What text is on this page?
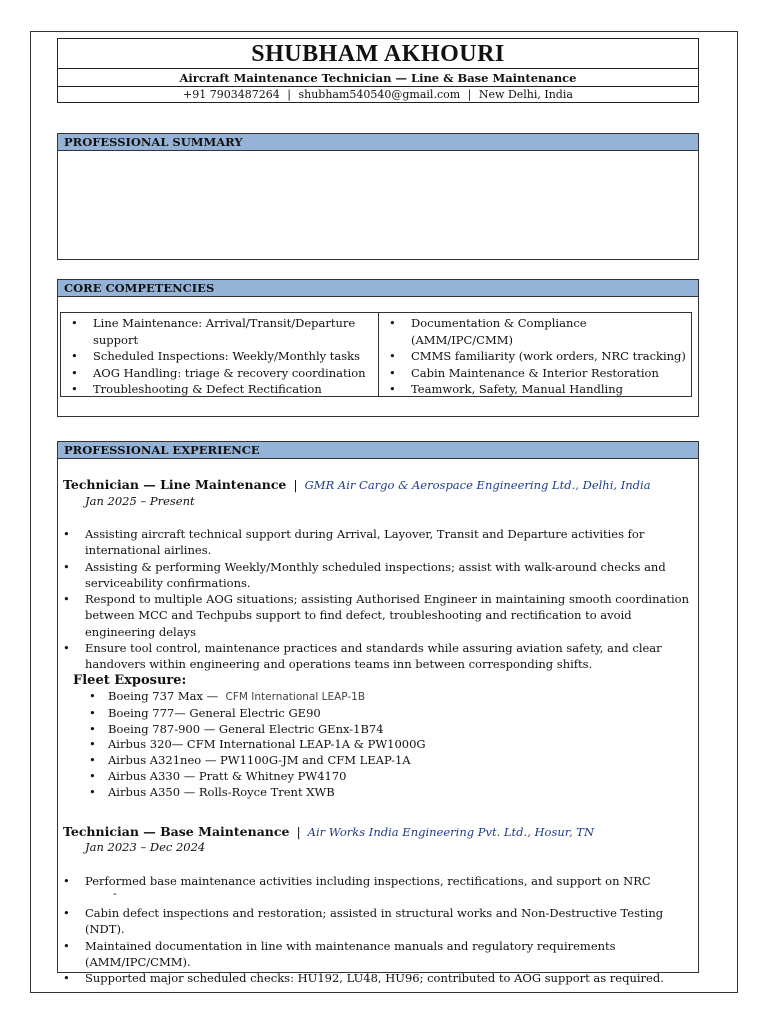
SHUBHAM AKHOURI
Aircraft Maintenance Technician — Line & Base Maintenance
+91 7903487264 | shubham540540@gmail.com | New Delhi, India
PROFESSIONAL SUMMARY
CORE COMPETENCIES
• Line Maintenance: Arrival/Transit/Departure support
• Scheduled Inspections: Weekly/Monthly tasks
• AOG Handling: triage & recovery coordination
• Troubleshooting & Defect Rectification
• Documentation & Compliance (AMM/IPC/CMM)
• CMMS familiarity (work orders, NRC tracking)
• Cabin Maintenance & Interior Restoration
• Teamwork, Safety, Manual Handling
PROFESSIONAL EXPERIENCE
Technician — Line Maintenance | GMR Air Cargo & Aerospace Engineering Ltd., Delhi, India
Jan 2025 – Present
• Assisting aircraft technical support during Arrival, Layover, Transit and Departure activities for international airlines.
• Assisting & performing Weekly/Monthly scheduled inspections; assist with walk-around checks and serviceability confirmations.
• Respond to multiple AOG situations; assisting Authorised Engineer in maintaining smooth coordination between MCC and Techpubs support to find defect, troubleshooting and rectification to avoid engineering delays
• Ensure tool control, maintenance practices and standards while assuring aviation safety, and clear handovers within engineering and operations teams inn between corresponding shifts.
Fleet Exposure:
• Boeing 737 Max — CFM International LEAP-1B
• Boeing 777— General Electric GE90
• Boeing 787-900 — General Electric GEnx-1B74
• Airbus 320— CFM International LEAP-1A & PW1000G
• Airbus A321neo — PW1100G-JM and CFM LEAP-1A
• Airbus A330 — Pratt & Whitney PW4170
• Airbus A350 — Rolls-Royce Trent XWB
Technician — Base Maintenance | Air Works India Engineering Pvt. Ltd., Hosur, TN
Jan 2023 – Dec 2024
• Performed base maintenance activities including inspections, rectifications, and support on NRC
-
• Cabin defect inspections and restoration; assisted in structural works and Non-Destructive Testing (NDT).
• Maintained documentation in line with maintenance manuals and regulatory requirements (AMM/IPC/CMM).
• Supported major scheduled checks: HU192, LU48, HU96; contributed to AOG support as required.
